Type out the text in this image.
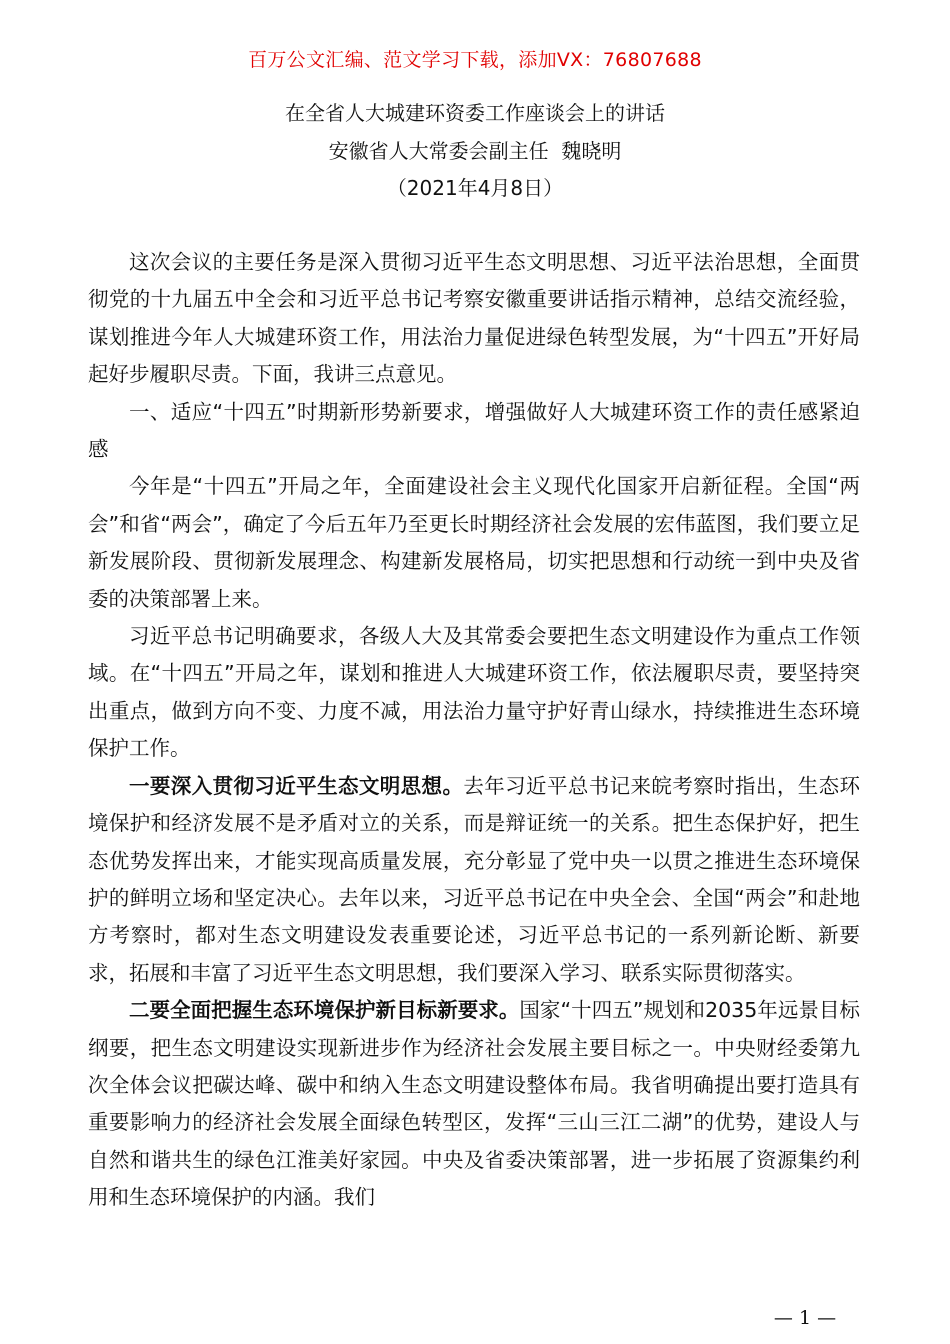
百万公文汇编、范文学习下载，添加VX：76807688
在全省人大城建环资委工作座谈会上的讲话
安徽省人大常委会副主任  魏晓明
（2021年4月8日）

这次会议的主要任务是深入贯彻习近平生态文明思想、习近平法治思想，全面贯彻党的十九届五中全会和习近平总书记考察安徽重要讲话指示精神，总结交流经验，谋划推进今年人大城建环资工作，用法治力量促进绿色转型发展，为“十四五”开好局起好步履职尽责。下面，我讲三点意见。

一、适应“十四五”时期新形势新要求，增强做好人大城建环资工作的责任感紧迫感

今年是“十四五”开局之年，全面建设社会主义现代化国家开启新征程。全国“两会”和省“两会”，确定了今后五年乃至更长时期经济社会发展的宏伟蓝图，我们要立足新发展阶段、贯彻新发展理念、构建新发展格局，切实把思想和行动统一到中央及省委的决策部署上来。

习近平总书记明确要求，各级人大及其常委会要把生态文明建设作为重点工作领域。在“十四五”开局之年，谋划和推进人大城建环资工作，依法履职尽责，要坚持突出重点，做到方向不变、力度不减，用法治力量守护好青山绿水，持续推进生态环境保护工作。

一要深入贯彻习近平生态文明思想。去年习近平总书记来皖考察时指出，生态环境保护和经济发展不是矛盾对立的关系，而是辩证统一的关系。把生态保护好，把生态优势发挥出来，才能实现高质量发展，充分彰显了党中央一以贯之推进生态环境保护的鲜明立场和坚定决心。去年以来，习近平总书记在中央全会、全国“两会”和赴地方考察时，都对生态文明建设发表重要论述，习近平总书记的一系列新论断、新要求，拓展和丰富了习近平生态文明思想，我们要深入学习、联系实际贯彻落实。

二要全面把握生态环境保护新目标新要求。国家“十四五”规划和2035年远景目标纲要，把生态文明建设实现新进步作为经济社会发展主要目标之一。中央财经委第九次全体会议把碳达峰、碳中和纳入生态文明建设整体布局。我省明确提出要打造具有重要影响力的经济社会发展全面绿色转型区，发挥“三山三江二湖”的优势，建设人与自然和谐共生的绿色江淮美好家园。中央及省委决策部署，进一步拓展了资源集约利用和生态环境保护的内涵。我们

— 1 —
